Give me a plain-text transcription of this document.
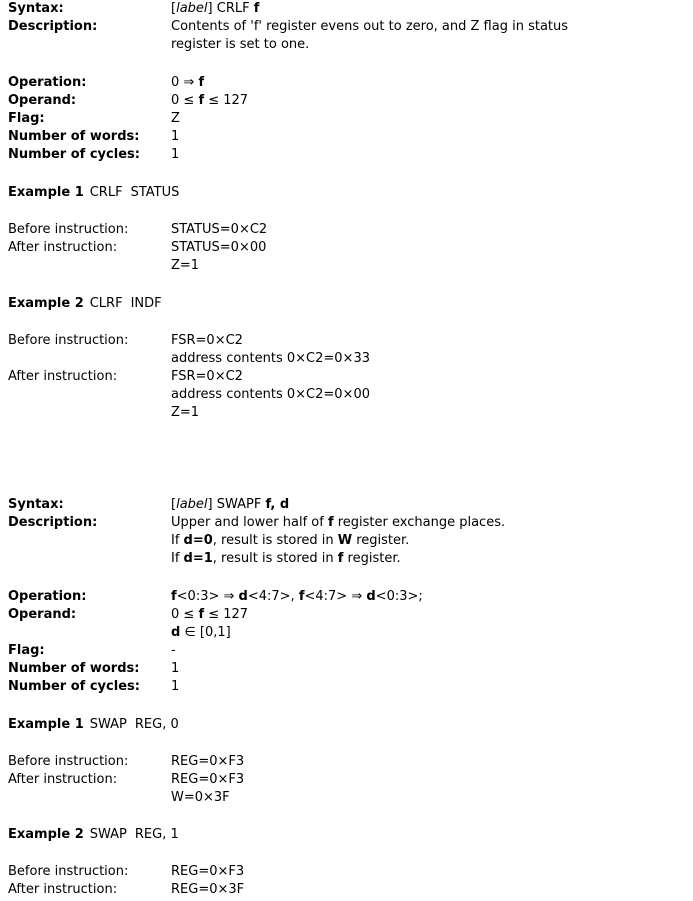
Syntax:	[label] CRLF f
Description:	Contents of 'f' register evens out to zero, and Z flag in status
register is set to one.
Operation:	0 ⇒ f
Operand:	0 ≤ f ≤ 127
Flag:	Z
Number of words: 1
Number of cycles: 1
Example 1 CRLF STATUS
Before instruction:	STATUS=0×C2
After instruction:	STATUS=0×00
Z=1
Example 2 CLRF INDF
Before instruction:	FSR=0×C2
address contents 0×C2=0×33
After instruction:	FSR=0×C2
address contents 0×C2=0×00
Z=1
Syntax:	[label] SWAPF f, d
Description:	Upper and lower half of f register exchange places.
If d=0, result is stored in W register.
If d=1, result is stored in f register.
Operation:	f<0:3> ⇒ d<4:7>, f<4:7> ⇒ d<0:3>;
Operand:	0 ≤ f ≤ 127
d ∈ [0,1]
Flag:	-
Number of words: 1
Number of cycles: 1
Example 1 SWAP REG, 0
Before instruction:	REG=0×F3
After instruction:	REG=0×F3
W=0×3F
Example 2 SWAP REG, 1
Before instruction:	REG=0×F3
After instruction:	REG=0×3F
